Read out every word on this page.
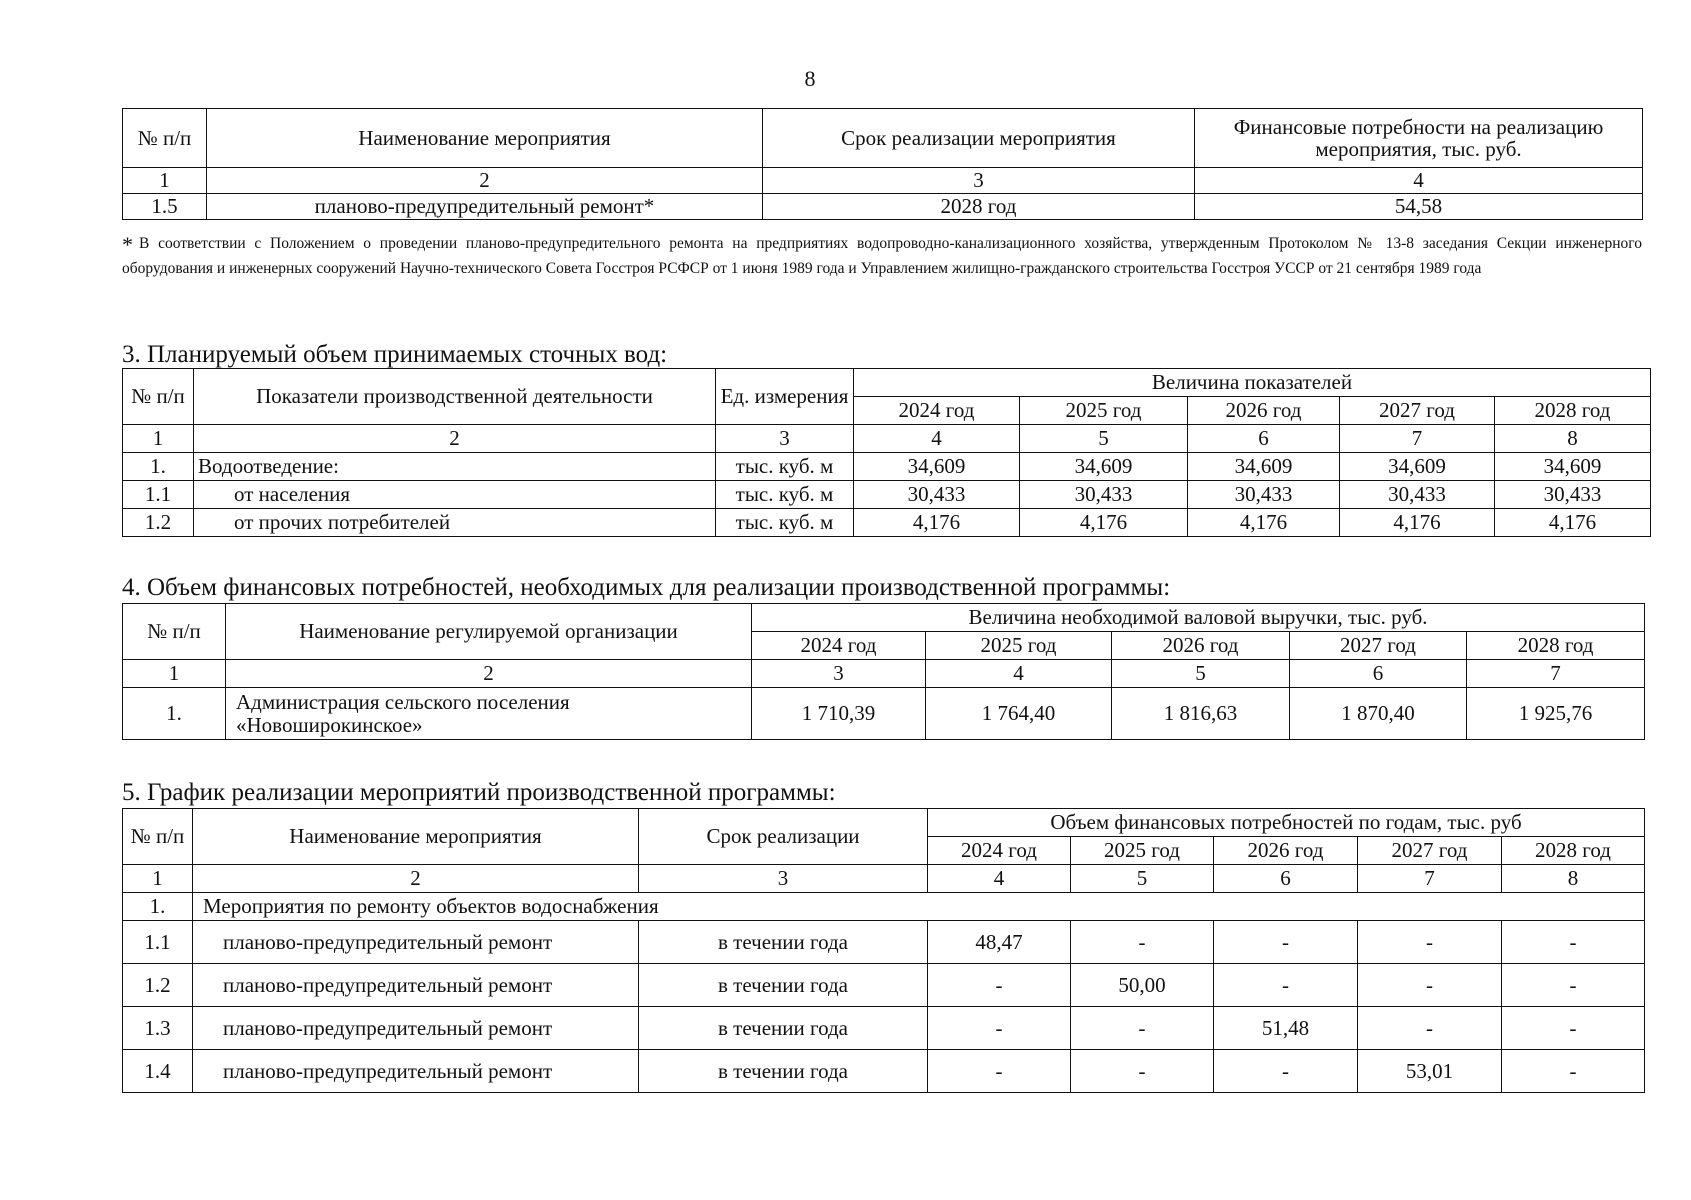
8
№ п/п	Наименование мероприятия	Срок реализации мероприятия	Финансовые потребности на реализацию мероприятия, тыс. руб.
1	2	3	4
1.5	планово-предупредительный ремонт*	2028 год	54,58
* В соответствии с Положением о проведении планово-предупредительного ремонта на предприятиях водопроводно-канализационного хозяйства, утвержденным Протоколом № 13-8 заседания Секции инженерного оборудования и инженерных сооружений Научно-технического Совета Госстроя РСФСР от 1 июня 1989 года и Управлением жилищно-гражданского строительства Госстроя УССР от 21 сентября 1989 года
3. Планируемый объем принимаемых сточных вод:
№ п/п	Показатели производственной деятельности	Ед. измерения	Величина показателей				
			2024 год	2025 год	2026 год	2027 год	2028 год
1	2	3	4	5	6	7	8
1.	Водоотведение:	тыс. куб. м	34,609	34,609	34,609	34,609	34,609
1.1	от населения	тыс. куб. м	30,433	30,433	30,433	30,433	30,433
1.2	от прочих потребителей	тыс. куб. м	4,176	4,176	4,176	4,176	4,176
4. Объем финансовых потребностей, необходимых для реализации производственной программы:
№ п/п	Наименование регулируемой организации	Величина необходимой валовой выручки, тыс. руб.				
		2024 год	2025 год	2026 год	2027 год	2028 год
1	2	3	4	5	6	7
1.	Администрация сельского поселения «Новоширокинское»	1 710,39	1 764,40	1 816,63	1 870,40	1 925,76
5. График реализации мероприятий производственной программы:
№ п/п	Наименование мероприятия	Срок реализации	Объем финансовых потребностей по годам, тыс. руб				
			2024 год	2025 год	2026 год	2027 год	2028 год
1	2	3	4	5	6	7	8
1.	Мероприятия по ремонту объектов водоснабжения						
1.1	планово-предупредительный ремонт	в течении года	48,47	-	-	-	-
1.2	планово-предупредительный ремонт	в течении года	-	50,00	-	-	-
1.3	планово-предупредительный ремонт	в течении года	-	-	51,48	-	-
1.4	планово-предупредительный ремонт	в течении года	-	-	-	53,01	-
